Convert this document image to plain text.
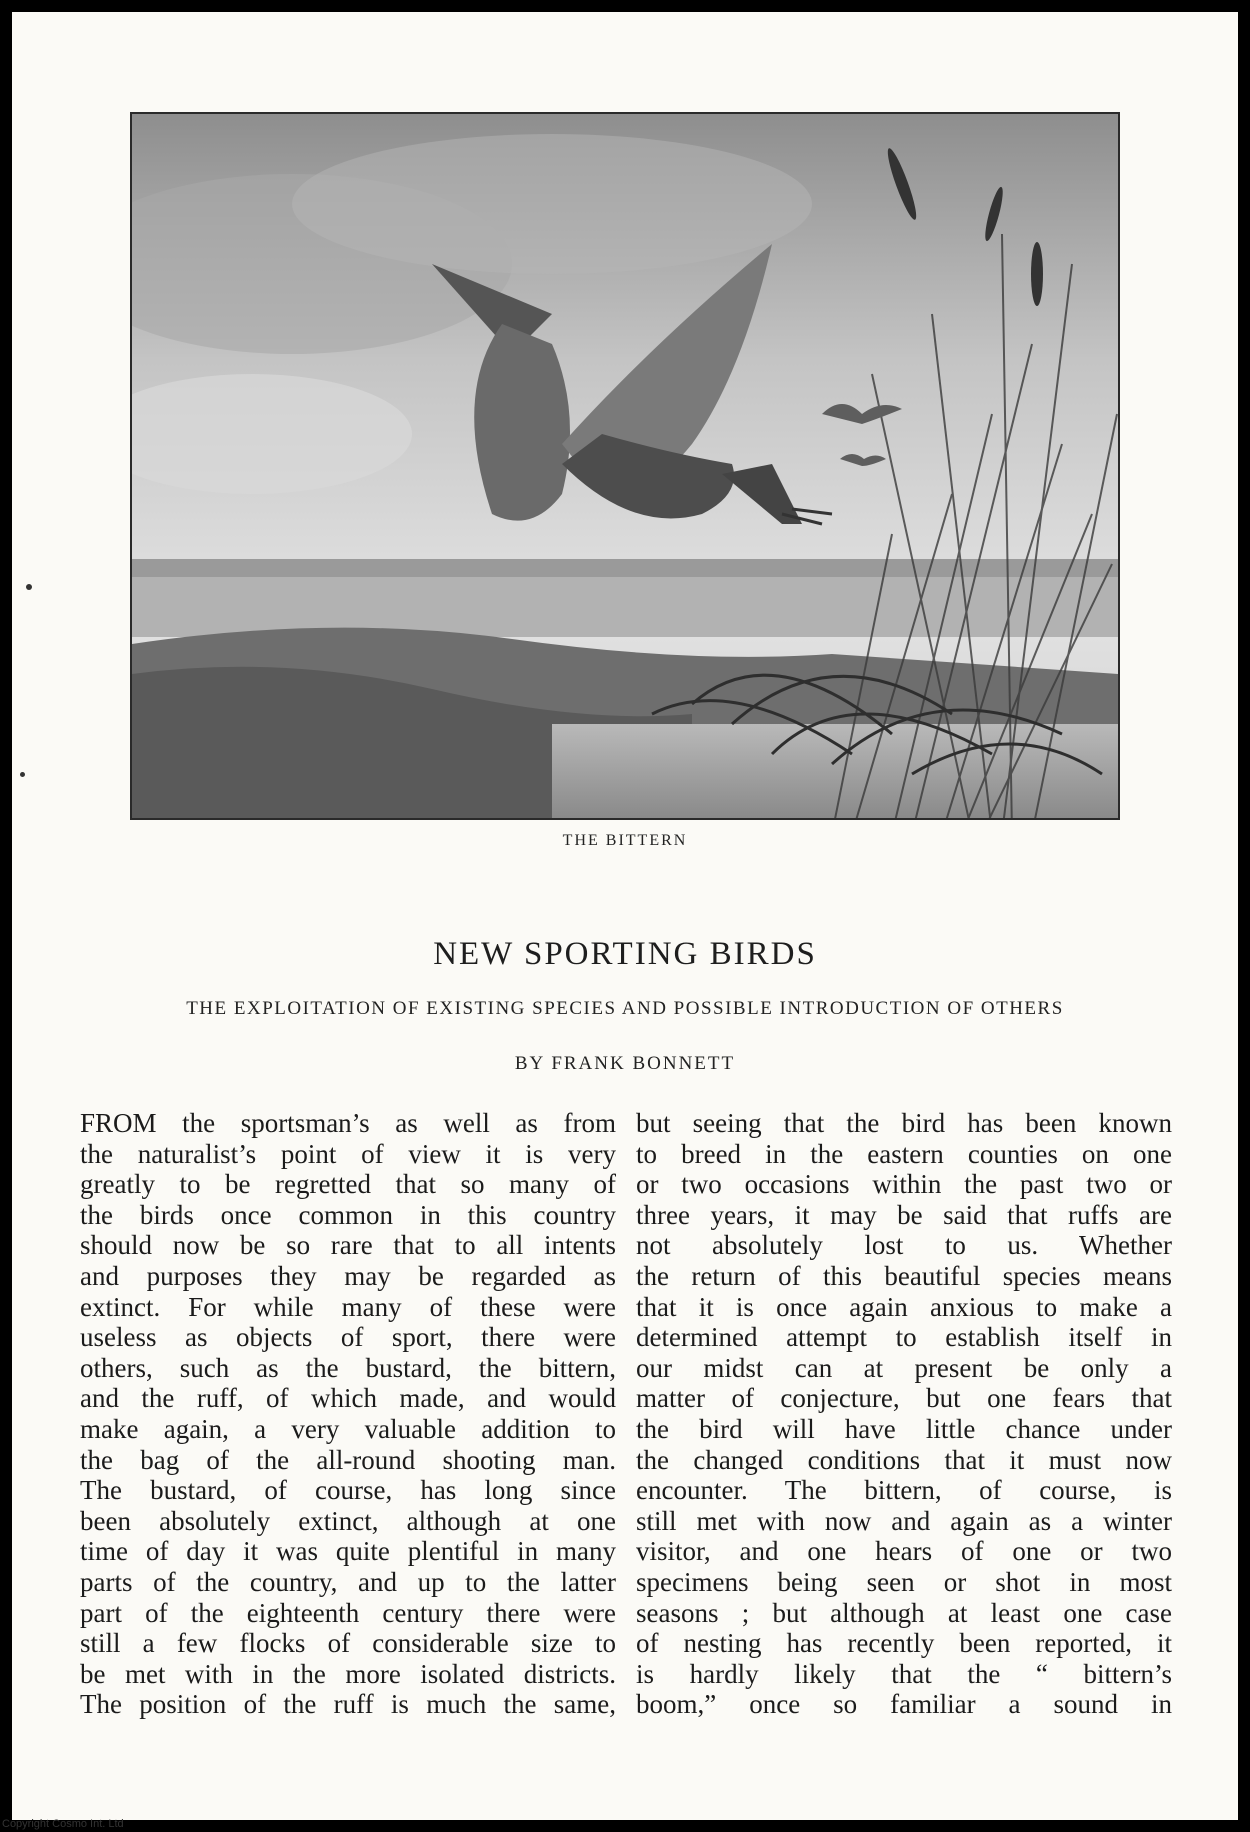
THE BITTERN
NEW SPORTING BIRDS
THE EXPLOITATION OF EXISTING SPECIES AND POSSIBLE INTRODUCTION OF OTHERS
BY FRANK BONNETT
FROM the sportsman’s as well as from
the naturalist’s point of view it is very
greatly to be regretted that so many of
the birds once common in this country
should now be so rare that to all intents
and purposes they may be regarded as
extinct. For while many of these were
useless as objects of sport, there were
others, such as the bustard, the bittern,
and the ruff, of which made, and would
make again, a very valuable addition to
the bag of the all-round shooting man.
The bustard, of course, has long since
been absolutely extinct, although at one
time of day it was quite plentiful in many
parts of the country, and up to the latter
part of the eighteenth century there were
still a few flocks of considerable size to
be met with in the more isolated districts.
The position of the ruff is much the same,
but seeing that the bird has been known
to breed in the eastern counties on one
or two occasions within the past two or
three years, it may be said that ruffs are
not absolutely lost to us. Whether
the return of this beautiful species means
that it is once again anxious to make a
determined attempt to establish itself in
our midst can at present be only a
matter of conjecture, but one fears that
the bird will have little chance under
the changed conditions that it must now
encounter. The bittern, of course, is
still met with now and again as a winter
visitor, and one hears of one or two
specimens being seen or shot in most
seasons ; but although at least one case
of nesting has recently been reported, it
is hardly likely that the “ bittern’s
boom,” once so familiar a sound in
Copyright Cosmo Int. Ltd
